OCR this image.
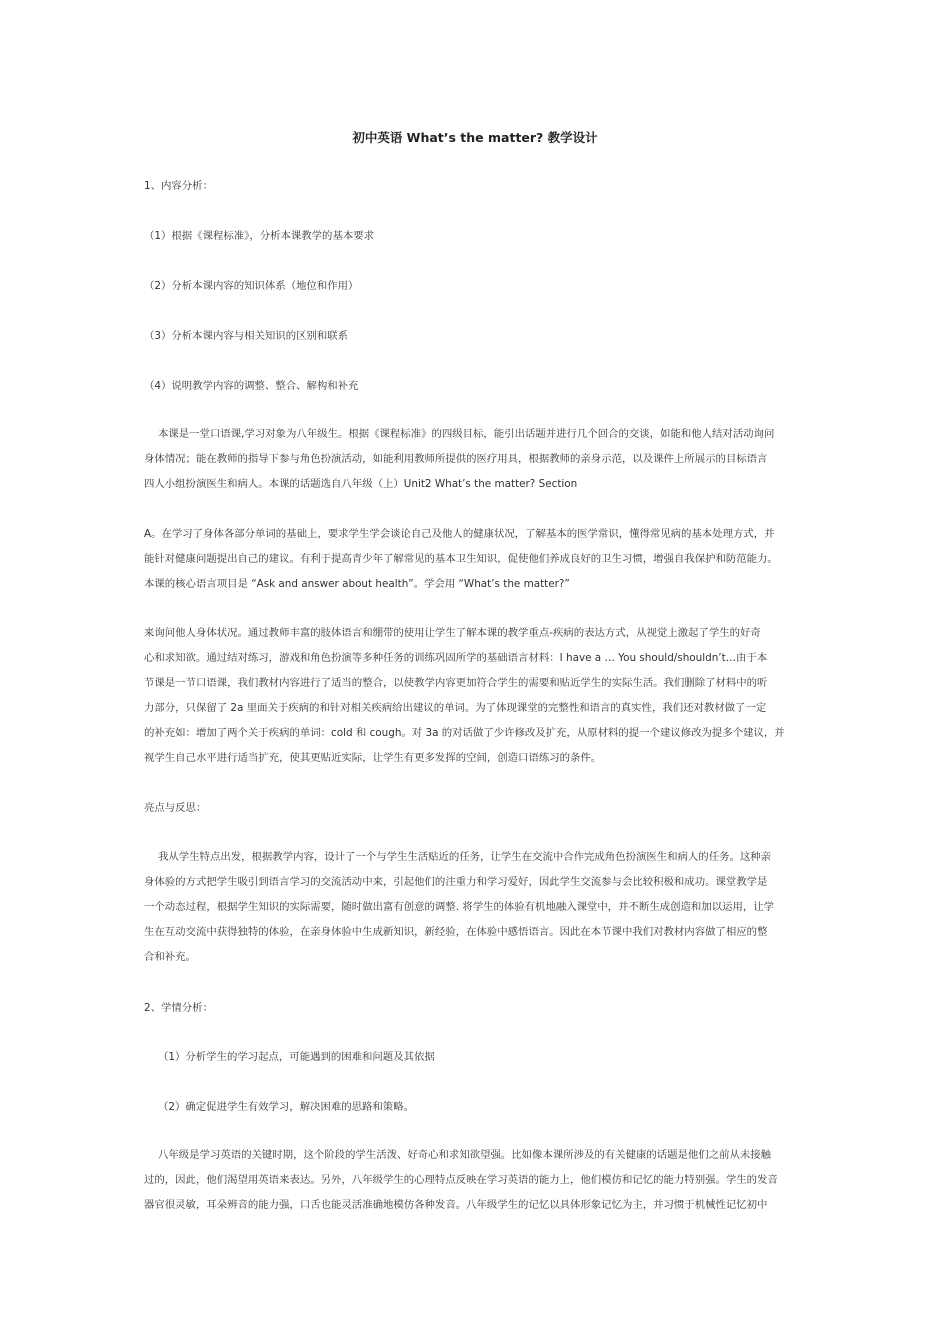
初中英语 What’s the matter? 教学设计
1、内容分析：
（1）根据《课程标准》，分析本课教学的基本要求
（2）分析本课内容的知识体系（地位和作用）
（3）分析本课内容与相关知识的区别和联系
（4）说明教学内容的调整、整合、解构和补充

本课是一堂口语课,学习对象为八年级生。根据《课程标准》的四级目标，能引出话题并进行几个回合的交谈，如能和他人结对活动询问

身体情况；能在教师的指导下参与角色扮演活动，如能利用教师所提供的医疗用具，根据教师的亲身示范，以及课件上所展示的目标语言

四人小组扮演医生和病人。本课的话题选自八年级（上）Unit2 What’s the matter? Section

A。在学习了身体各部分单词的基础上，要求学生学会谈论自己及他人的健康状况，了解基本的医学常识，懂得常见病的基本处理方式，并

能针对健康问题提出自己的建议。有利于提高青少年了解常见的基本卫生知识，促使他们养成良好的卫生习惯，增强自我保护和防范能力。

本课的核心语言项目是 “Ask and answer about health”。学会用 “What’s the matter?”

来询问他人身体状况。通过教师丰富的肢体语言和绷带的使用让学生了解本课的教学重点-疾病的表达方式，从视觉上激起了学生的好奇

心和求知欲。通过结对练习，游戏和角色扮演等多种任务的训练巩固所学的基础语言材料：I have a … You should/shouldn’t…由于本

节课是一节口语课，我们教材内容进行了适当的整合，以使教学内容更加符合学生的需要和贴近学生的实际生活。我们删除了材料中的听

力部分，只保留了 2a 里面关于疾病的和针对相关疾病给出建议的单词。为了体现课堂的完整性和语言的真实性，我们还对教材做了一定

的补充如：增加了两个关于疾病的单词：cold 和 cough。对 3a 的对话做了少许修改及扩充，从原材料的提一个建议修改为提多个建议，并

视学生自己水平进行适当扩充，使其更贴近实际，让学生有更多发挥的空间，创造口语练习的条件。

亮点与反思：

我从学生特点出发，根据教学内容，设计了一个与学生生活贴近的任务，让学生在交流中合作完成角色扮演医生和病人的任务。这种亲

身体验的方式把学生吸引到语言学习的交流活动中来，引起他们的注重力和学习爱好，因此学生交流参与会比较积极和成功。课堂教学是

一个动态过程，根据学生知识的实际需要，随时做出富有创意的调整. 将学生的体验有机地融入课堂中，并不断生成创造和加以运用，让学

生在互动交流中获得独特的体验，在亲身体验中生成新知识，新经验，在体验中感悟语言。因此在本节课中我们对教材内容做了相应的整

合和补充。

2、学情分析：
（1）分析学生的学习起点，可能遇到的困难和问题及其依据
（2）确定促进学生有效学习，解决困难的思路和策略。

八年级是学习英语的关键时期，这个阶段的学生活泼、好奇心和求知欲望强。比如像本课所涉及的有关健康的话题是他们之前从未接触

过的，因此，他们渴望用英语来表达。另外，八年级学生的心理特点反映在学习英语的能力上，他们模仿和记忆的能力特别强。学生的发音

器官很灵敏，耳朵辨音的能力强，口舌也能灵活准确地模仿各种发音。八年级学生的记忆以具体形象记忆为主，并习惯于机械性记忆初中
